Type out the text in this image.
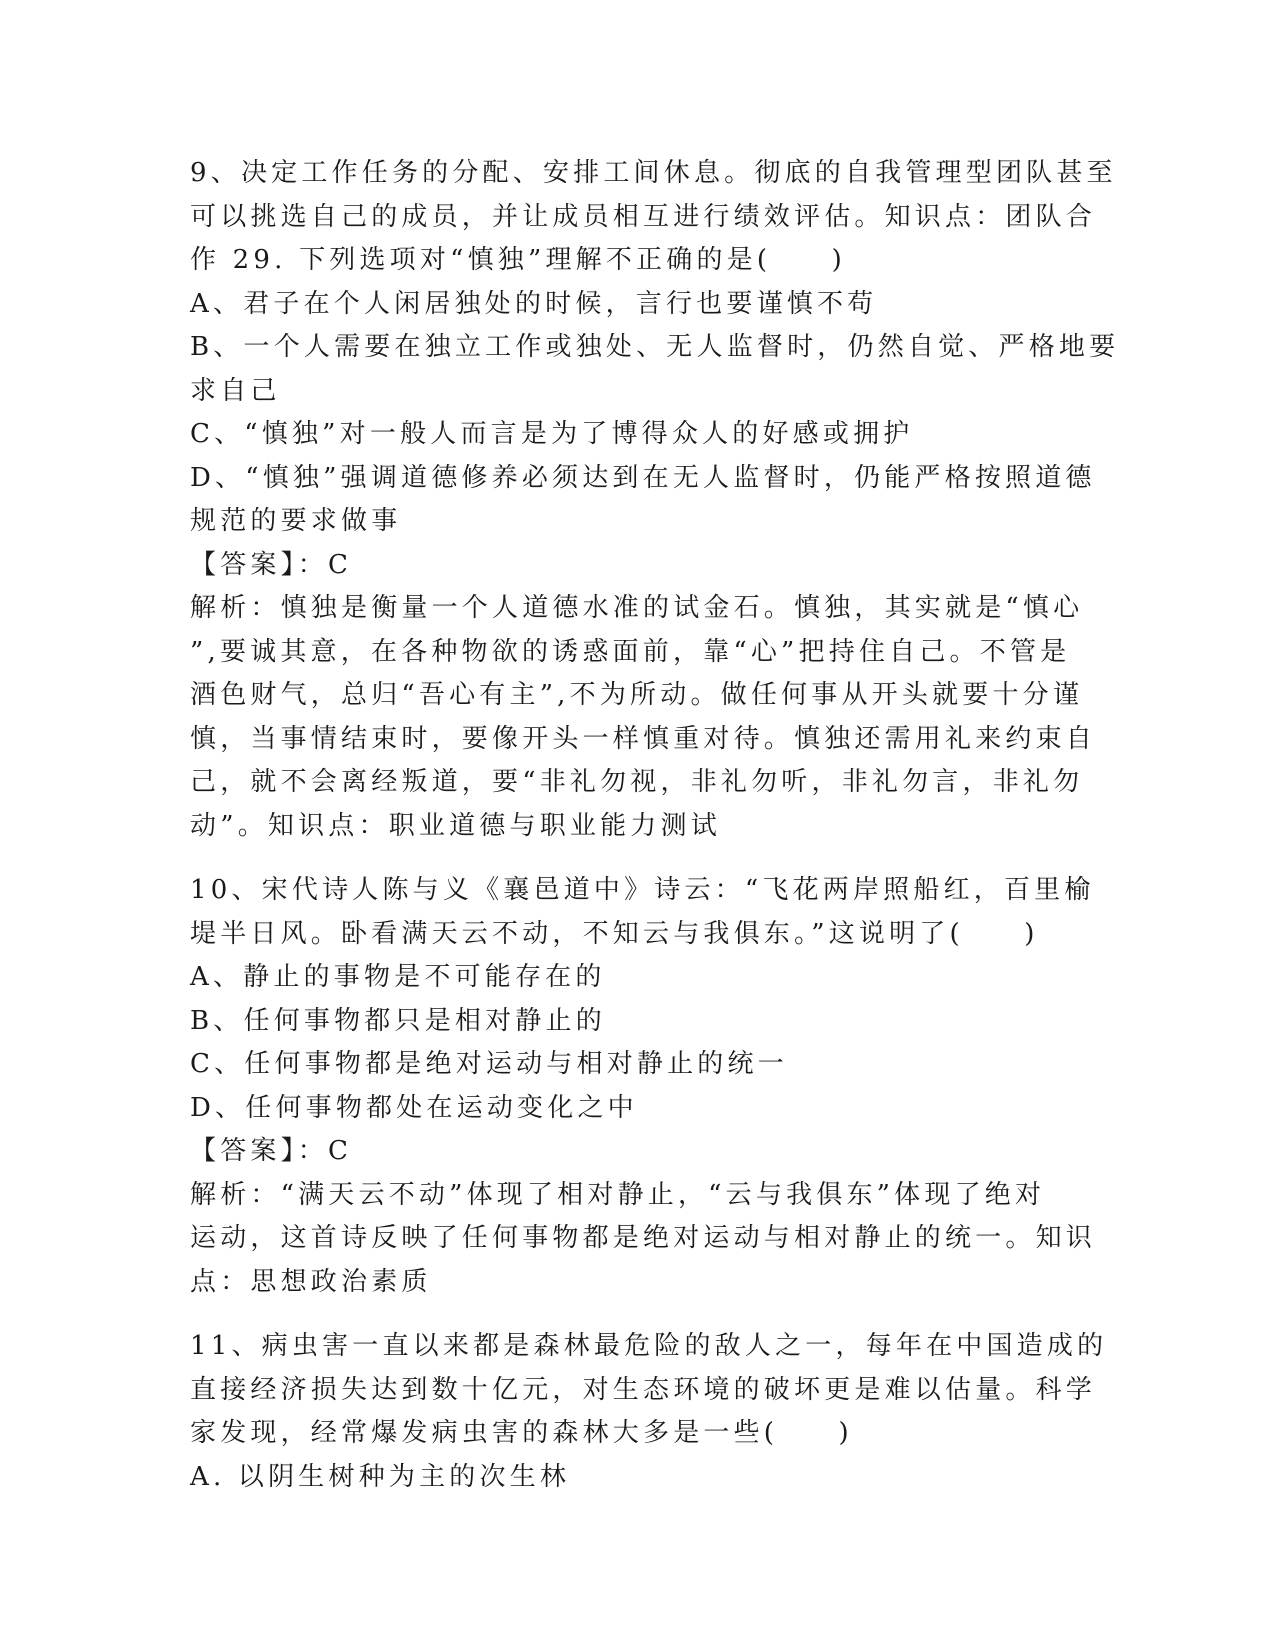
9、决定工作任务的分配、安排工间休息。彻底的自我管理型团队甚至
可以挑选自己的成员，并让成员相互进行绩效评估。知识点：团队合
作 29. 下列选项对“慎独”理解不正确的是(　　)
A、君子在个人闲居独处的时候，言行也要谨慎不苟
B、一个人需要在独立工作或独处、无人监督时，仍然自觉、严格地要
求自己
C、“慎独”对一般人而言是为了博得众人的好感或拥护
D、“慎独”强调道德修养必须达到在无人监督时，仍能严格按照道德
规范的要求做事
【答案】：C
解析：慎独是衡量一个人道德水准的试金石。慎独，其实就是“慎心
”,要诚其意，在各种物欲的诱惑面前，靠“心”把持住自己。不管是
酒色财气，总归“吾心有主”,不为所动。做任何事从开头就要十分谨
慎，当事情结束时，要像开头一样慎重对待。慎独还需用礼来约束自
己，就不会离经叛道，要“非礼勿视，非礼勿听，非礼勿言，非礼勿
动”。知识点：职业道德与职业能力测试
10、宋代诗人陈与义《襄邑道中》诗云：“飞花两岸照船红，百里榆
堤半日风。卧看满天云不动，不知云与我俱东。”这说明了(　　)
A、静止的事物是不可能存在的
B、任何事物都只是相对静止的
C、任何事物都是绝对运动与相对静止的统一
D、任何事物都处在运动变化之中
【答案】：C
解析：“满天云不动”体现了相对静止，“云与我俱东”体现了绝对
运动，这首诗反映了任何事物都是绝对运动与相对静止的统一。知识
点：思想政治素质
11、病虫害一直以来都是森林最危险的敌人之一，每年在中国造成的
直接经济损失达到数十亿元，对生态环境的破坏更是难以估量。科学
家发现，经常爆发病虫害的森林大多是一些(　　)
A. 以阴生树种为主的次生林
